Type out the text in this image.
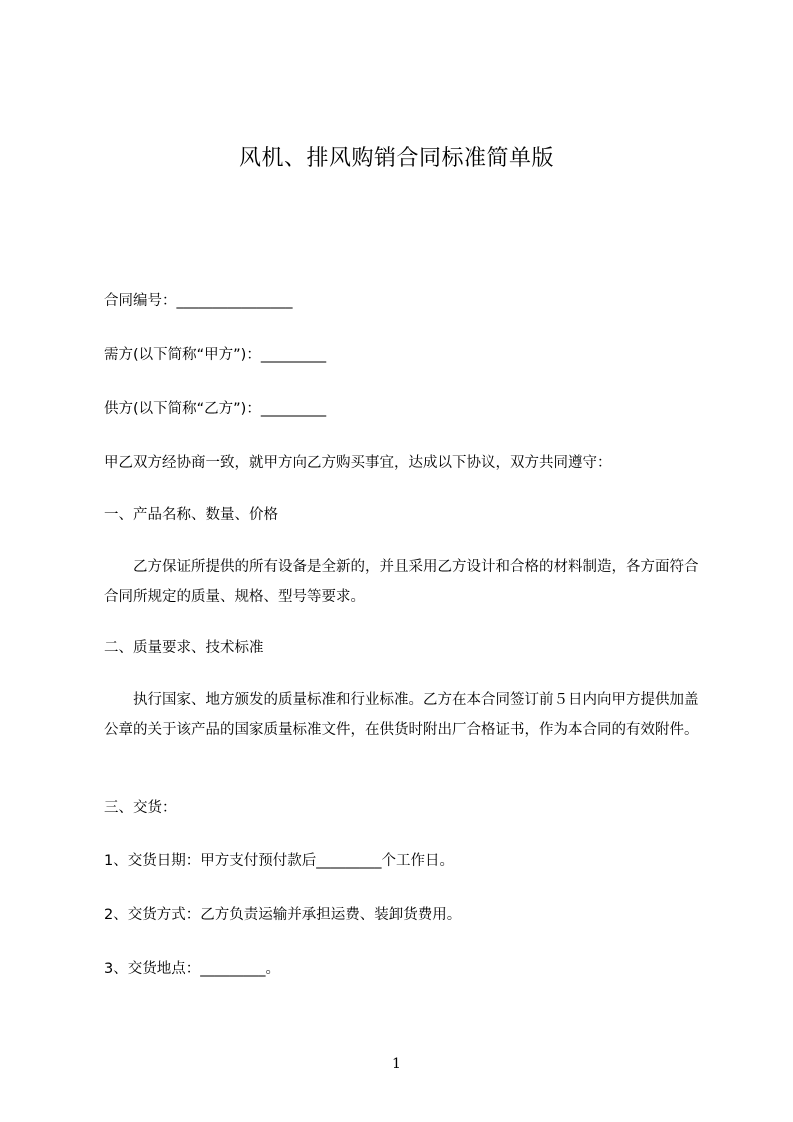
风机、排风购销合同标准简单版
合同编号：________________
需方(以下简称“甲方”)：_________
供方(以下简称“乙方”)：_________
甲乙双方经协商一致，就甲方向乙方购买事宜，达成以下协议，双方共同遵守：
一、产品名称、数量、价格
　　乙方保证所提供的所有设备是全新的，并且采用乙方设计和合格的材料制造，各方面符合合同所规定的质量、规格、型号等要求。
二、质量要求、技术标准
　　执行国家、地方颁发的质量标准和行业标准。乙方在本合同签订前５日内向甲方提供加盖公章的关于该产品的国家质量标准文件，在供货时附出厂合格证书，作为本合同的有效附件。
三、交货：
1、交货日期：甲方支付预付款后_________个工作日。
2、交货方式：乙方负责运输并承担运费、装卸货费用。
3、交货地点：_________。
1
